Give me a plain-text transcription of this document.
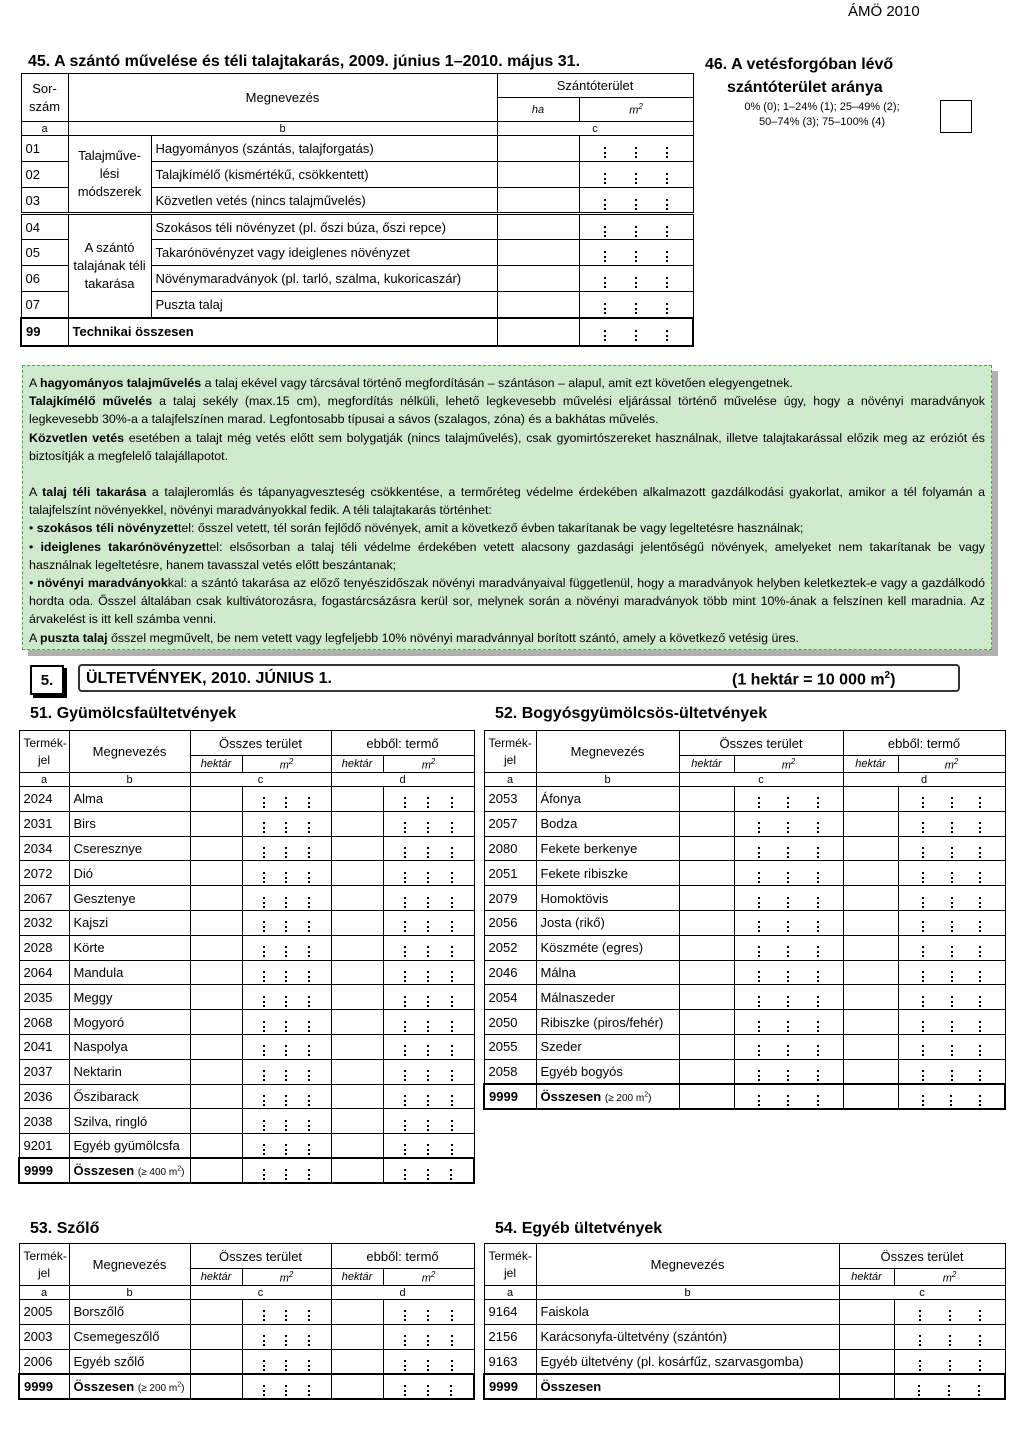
ÁMÖ 2010
45. A szántó művelése és téli talajtakarás, 2009. június 1–2010. május 31.
Sor-
szám	Megnevezés		Szántóterület	
			ha	$m^2$
a	b		c	
01	Talajműve-
lési
módszerek	Hagyományos (szántás, talajforgatás)		

02		Talajkímélő (kismértékű, csökkentett)		

03		Közvetlen vetés (nincs talajművelés)		

04	A szántó
talajának téli
takarása	Szokásos téli növényzet (pl. őszi búza, őszi repce)		

05		Takarónövényzet vagy ideiglenes növényzet		

06		Növénymaradványok (pl. tarló, szalma, kukoricaszár)		

07		Puszta talaj		

99	Technikai összesen			
46. A vetésforgóban lévő
szántóterület aránya
0% (0); 1–24% (1); 25–49% (2);
50–74% (3); 75–100% (4)

A hagyományos talajművelés a talaj ekével vagy tárcsával történő megfordításán – szántáson – alapul, amit ezt követően elegyengetnek.

Talajkímélő művelés a talaj sekély (max.15 cm), megfordítás nélküli, lehető legkevesebb művelési eljárással történő művelése úgy, hogy a növényi maradványok legkevesebb 30%-a a talajfelszínen marad. Legfontosabb típusai a sávos (szalagos, zóna) és a bakhátas művelés.

Közvetlen vetés esetében a talajt még vetés előtt sem bolygatják (nincs talajművelés), csak gyomirtószereket használnak, illetve talajtakarással előzik meg az eróziót és biztosítják a megfelelő talajállapotot.

A talaj téli takarása a talajleromlás és tápanyagveszteség csökkentése, a termőréteg védelme érdekében alkalmazott gazdálkodási gyakorlat, amikor a tél folyamán a talajfelszínt növényekkel, növényi maradványokkal fedik. A téli talajtakarás történhet:

• szokásos téli növényzettel: ősszel vetett, tél során fejlődő növények, amit a következő évben takarítanak be vagy legeltetésre használnak;

• ideiglenes takarónövényzettel: elsősorban a talaj téli védelme érdekében vetett alacsony gazdasági jelentőségű növények, amelyeket nem takarítanak be vagy használnak legeltetésre, hanem tavasszal vetés előtt beszántanak;

• növényi maradványokkal: a szántó takarása az előző tenyészidőszak növényi maradványaival függetlenül, hogy a maradványok helyben keletkeztek-e vagy a gazdálkodó hordta oda. Ősszel általában csak kultivátorozásra, fogastárcsázásra kerül sor, melynek során a növényi maradványok több mint 10%-ának a felszínen kell maradnia. Az árvakelést is itt kell számba venni.

A puszta talaj ősszel megművelt, be nem vetett vagy legfeljebb 10% növényi maradvánnyal borított szántó, amely a következő vetésig üres.

5.	ÜLTETVÉNYEK, 2010. JÚNIUS 1.	(1 hektár = 10 000 $m^2$)
51. Gyümölcsfaültetvények	52. Bogyósgyümölcsös-ültetvények
53. Szőlő	54. Egyéb ültetvények
Termék-
jel	Megnevezés	Összes terület		ebből: termő	
		hektár	$m^2$	hektár	$m^2$
a	b	c		d	
2024	Alma		

2031	Birs		

2034	Cseresznye		

2072	Dió		

2067	Gesztenye		

2032	Kajszi		

2028	Körte		

2064	Mandula		

2035	Meggy		

2068	Mogyoró		

2041	Naspolya		

2037	Nektarin		

2036	Őszibarack		

2038	Szilva, ringló		

9201	Egyéb gyümölcsfa		

9999	Összesen (≥ 400 $m^2$)		

Termék-
jel	Megnevezés	Összes terület		ebből: termő	
		hektár	$m^2$	hektár	$m^2$
a	b	c		d	
2053	Áfonya		

2057	Bodza		

2080	Fekete berkenye		

2051	Fekete ribiszke		

2079	Homoktövis		

2056	Josta (rikő)		

2052	Köszméte (egres)		

2046	Málna		

2054	Málnaszeder		

2050	Ribiszke (piros/fehér)		

2055	Szeder		

2058	Egyéb bogyós		

9999	Összesen (≥ 200 $m^2$)		

Termék-
jel	Megnevezés	Összes terület		ebből: termő	
		hektár	$m^2$	hektár	$m^2$
a	b	c		d	
2005	Borszőlő		

2003	Csemegeszőlő		

2006	Egyéb szőlő		

9999	Összesen (≥ 200 $m^2$)		

Termék-
jel	Megnevezés	Összes terület	
		hektár	$m^2$
a	b	c	
9164	Faiskola		

2156	Karácsonyfa-ültetvény (szántón)		

9163	Egyéb ültetvény (pl. kosárfűz, szarvasgomba)		

9999	Összesen		
